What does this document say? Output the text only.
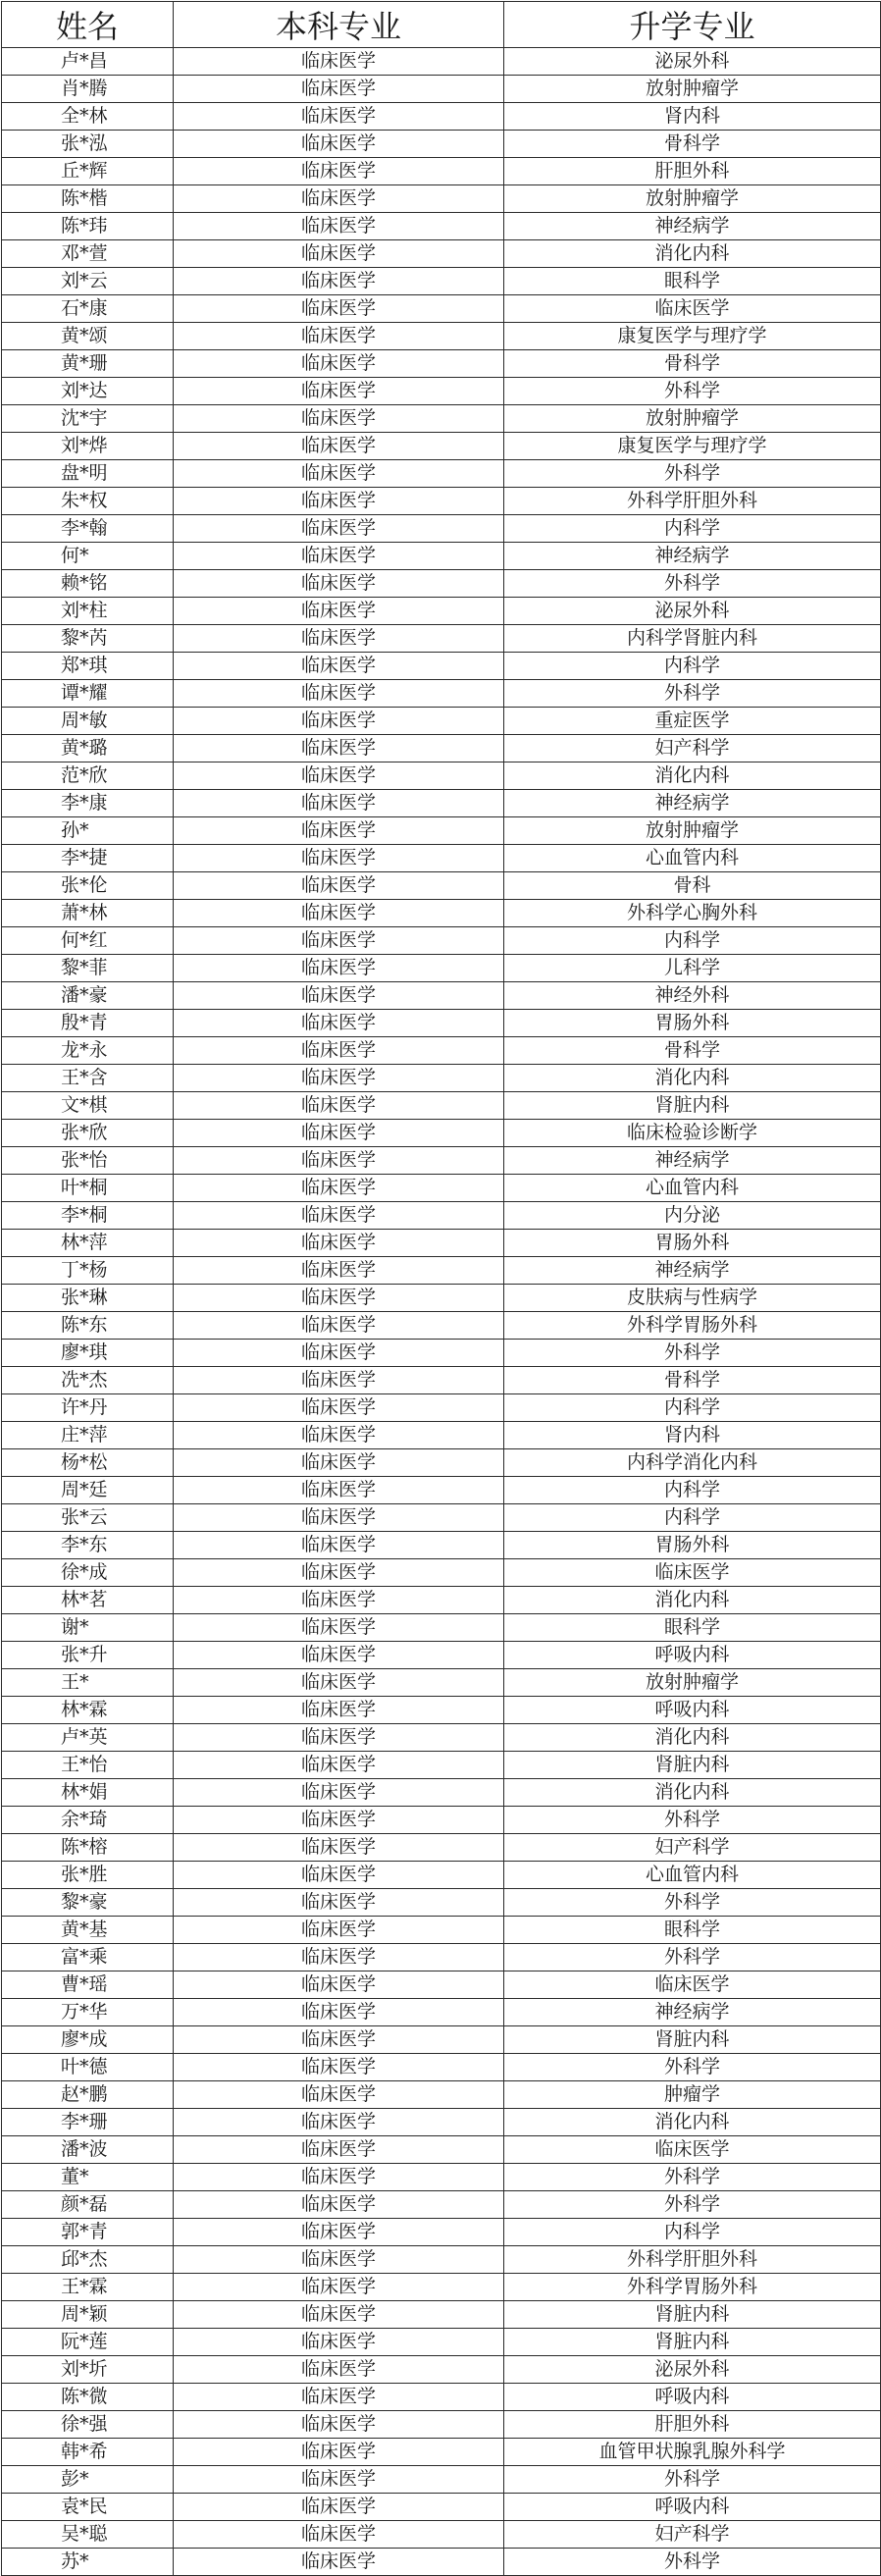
姓名	本科专业	升学专业
卢*昌	临床医学	泌尿外科
肖*腾	临床医学	放射肿瘤学
全*林	临床医学	肾内科
张*泓	临床医学	骨科学
丘*辉	临床医学	肝胆外科
陈*楷	临床医学	放射肿瘤学
陈*玮	临床医学	神经病学
邓*萱	临床医学	消化内科
刘*云	临床医学	眼科学
石*康	临床医学	临床医学
黄*颂	临床医学	康复医学与理疗学
黄*珊	临床医学	骨科学
刘*达	临床医学	外科学
沈*宇	临床医学	放射肿瘤学
刘*烨	临床医学	康复医学与理疗学
盘*明	临床医学	外科学
朱*权	临床医学	外科学肝胆外科
李*翰	临床医学	内科学
何*	临床医学	神经病学
赖*铭	临床医学	外科学
刘*柱	临床医学	泌尿外科
黎*芮	临床医学	内科学肾脏内科
郑*琪	临床医学	内科学
谭*耀	临床医学	外科学
周*敏	临床医学	重症医学
黄*璐	临床医学	妇产科学
范*欣	临床医学	消化内科
李*康	临床医学	神经病学
孙*	临床医学	放射肿瘤学
李*捷	临床医学	心血管内科
张*伦	临床医学	骨科
萧*林	临床医学	外科学心胸外科
何*红	临床医学	内科学
黎*菲	临床医学	儿科学
潘*豪	临床医学	神经外科
殷*青	临床医学	胃肠外科
龙*永	临床医学	骨科学
王*含	临床医学	消化内科
文*棋	临床医学	肾脏内科
张*欣	临床医学	临床检验诊断学
张*怡	临床医学	神经病学
叶*桐	临床医学	心血管内科
李*桐	临床医学	内分泌
林*萍	临床医学	胃肠外科
丁*杨	临床医学	神经病学
张*琳	临床医学	皮肤病与性病学
陈*东	临床医学	外科学胃肠外科
廖*琪	临床医学	外科学
冼*杰	临床医学	骨科学
许*丹	临床医学	内科学
庄*萍	临床医学	肾内科
杨*松	临床医学	内科学消化内科
周*廷	临床医学	内科学
张*云	临床医学	内科学
李*东	临床医学	胃肠外科
徐*成	临床医学	临床医学
林*茗	临床医学	消化内科
谢*	临床医学	眼科学
张*升	临床医学	呼吸内科
王*	临床医学	放射肿瘤学
林*霖	临床医学	呼吸内科
卢*英	临床医学	消化内科
王*怡	临床医学	肾脏内科
林*娟	临床医学	消化内科
余*琦	临床医学	外科学
陈*榕	临床医学	妇产科学
张*胜	临床医学	心血管内科
黎*豪	临床医学	外科学
黄*基	临床医学	眼科学
富*乘	临床医学	外科学
曹*瑶	临床医学	临床医学
万*华	临床医学	神经病学
廖*成	临床医学	肾脏内科
叶*德	临床医学	外科学
赵*鹏	临床医学	肿瘤学
李*珊	临床医学	消化内科
潘*波	临床医学	临床医学
董*	临床医学	外科学
颜*磊	临床医学	外科学
郭*青	临床医学	内科学
邱*杰	临床医学	外科学肝胆外科
王*霖	临床医学	外科学胃肠外科
周*颖	临床医学	肾脏内科
阮*莲	临床医学	肾脏内科
刘*圻	临床医学	泌尿外科
陈*微	临床医学	呼吸内科
徐*强	临床医学	肝胆外科
韩*希	临床医学	血管甲状腺乳腺外科学
彭*	临床医学	外科学
袁*民	临床医学	呼吸内科
吴*聪	临床医学	妇产科学
苏*	临床医学	外科学
